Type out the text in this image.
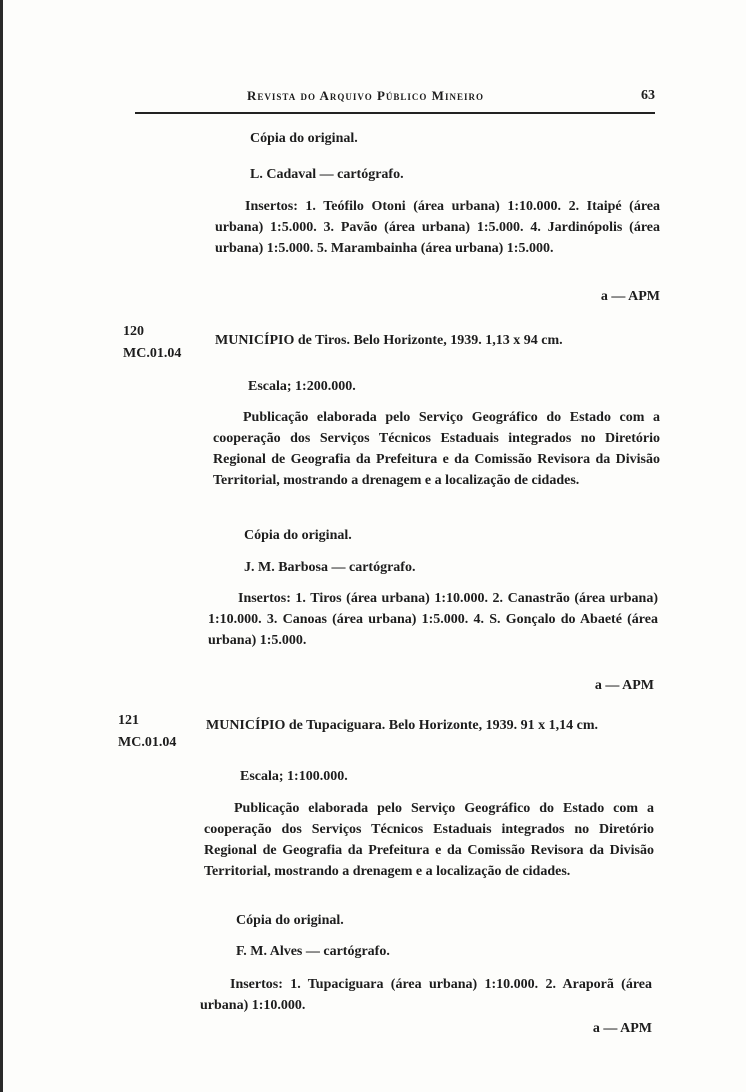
Revista do Arquivo Público Mineiro	63

Cópia do original.

L. Cadaval — cartógrafo.

Insertos: 1. Teófilo Otoni (área urbana) 1:10.000. 2. Itaipé (área urbana) 1:5.000. 3. Pavão (área urbana) 1:5.000. 4. Jardinópolis (área urbana) 1:5.000. 5. Marambainha (área urbana) 1:5.000.

a — APM

120
MC.01.04

MUNICÍPIO de Tiros. Belo Horizonte, 1939. 1,13 x 94 cm.

Escala; 1:200.000.

Publicação elaborada pelo Serviço Geográfico do Estado com a cooperação dos Serviços Técnicos Estaduais integrados no Diretório Regional de Geografia da Prefeitura e da Comissão Revisora da Divisão Territorial, mostrando a drenagem e a localização de cidades.

Cópia do original.

J. M. Barbosa — cartógrafo.

Insertos: 1. Tiros (área urbana) 1:10.000. 2. Canastrão (área urbana) 1:10.000. 3. Canoas (área urbana) 1:5.000. 4. S. Gonçalo do Abaeté (área urbana) 1:5.000.

a — APM

121
MC.01.04

MUNICÍPIO de Tupaciguara. Belo Horizonte, 1939. 91 x 1,14 cm.

Escala; 1:100.000.

Publicação elaborada pelo Serviço Geográfico do Estado com a cooperação dos Serviços Técnicos Estaduais integrados no Diretório Regional de Geografia da Prefeitura e da Comissão Revisora da Divisão Territorial, mostrando a drenagem e a localização de cidades.

Cópia do original.

F. M. Alves — cartógrafo.

Insertos: 1. Tupaciguara (área urbana) 1:10.000. 2. Araporã (área urbana) 1:10.000.

a — APM
